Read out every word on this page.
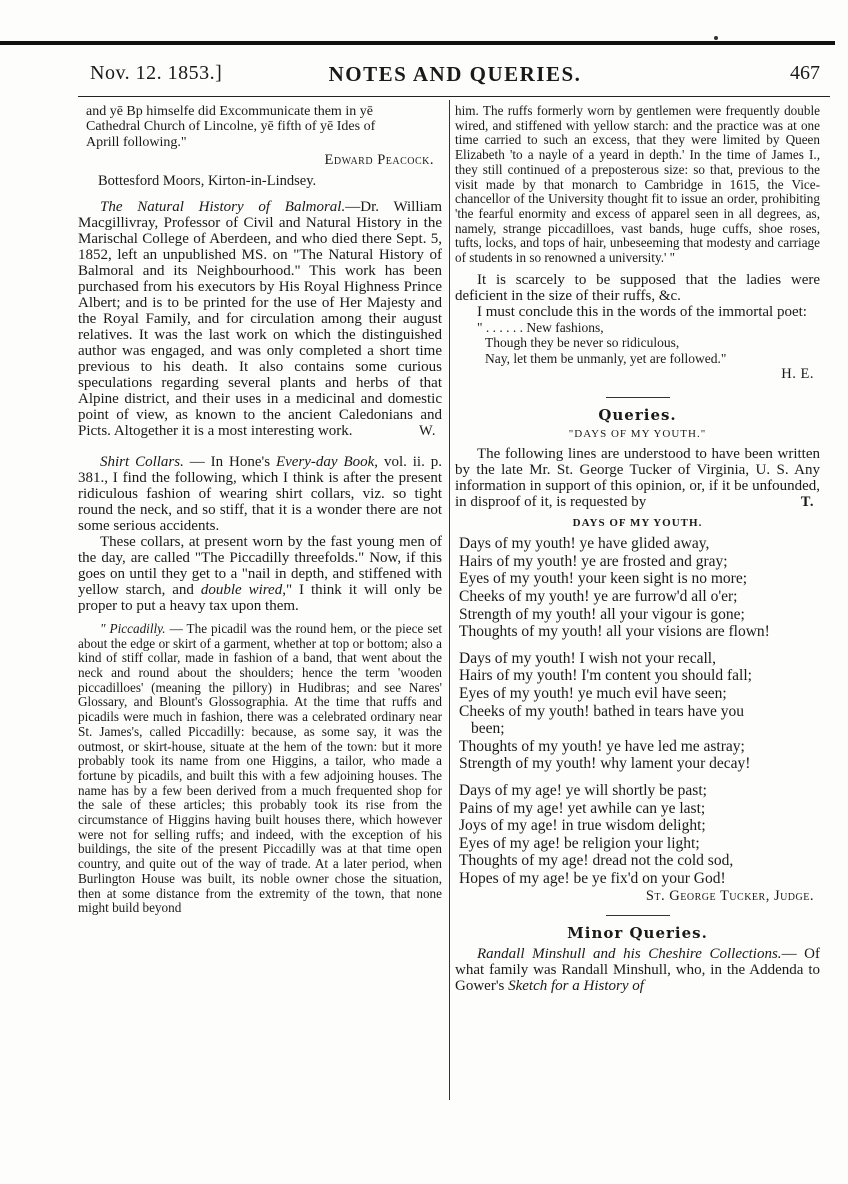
Nov. 12. 1853.]	NOTES AND QUERIES.	467

and yē Bp himselfe did Excommunicate them in yē

Cathedral Church of Lincolne, yē fifth of yē Ides of

Aprill following."

Edward Peacock.

Bottesford Moors, Kirton-in-Lindsey.

The Natural History of Balmoral.—Dr. William Macgillivray, Professor of Civil and Natural History in the Marischal College of Aberdeen, and who died there Sept. 5, 1852, left an unpublished MS. on "The Natural History of Balmoral and its Neighbourhood." This work has been purchased from his executors by His Royal Highness Prince Albert; and is to be printed for the use of Her Majesty and the Royal Family, and for circulation among their august relatives. It was the last work on which the distinguished author was engaged, and was only completed a short time previous to his death. It also contains some curious speculations regarding several plants and herbs of that Alpine district, and their uses in a medicinal and domestic point of view, as known to the ancient Caledonians and Picts. Altogether it is a most interesting work.	W.

Shirt Collars. — In Hone's Every-day Book, vol. ii. p. 381., I find the following, which I think is after the present ridiculous fashion of wearing shirt collars, viz. so tight round the neck, and so stiff, that it is a wonder there are not some serious accidents.

These collars, at present worn by the fast young men of the day, are called "The Piccadilly threefolds." Now, if this goes on until they get to a "nail in depth, and stiffened with yellow starch, and double wired," I think it will only be proper to put a heavy tax upon them.

" Piccadilly. — The picadil was the round hem, or the piece set about the edge or skirt of a garment, whether at top or bottom; also a kind of stiff collar, made in fashion of a band, that went about the neck and round about the shoulders; hence the term 'wooden piccadilloes' (meaning the pillory) in Hudibras; and see Nares' Glossary, and Blount's Glossographia. At the time that ruffs and picadils were much in fashion, there was a celebrated ordinary near St. James's, called Piccadilly: because, as some say, it was the outmost, or skirt-house, situate at the hem of the town: but it more probably took its name from one Higgins, a tailor, who made a fortune by picadils, and built this with a few adjoining houses. The name has by a few been derived from a much frequented shop for the sale of these articles; this probably took its rise from the circumstance of Higgins having built houses there, which however were not for selling ruffs; and indeed, with the exception of his buildings, the site of the present Piccadilly was at that time open country, and quite out of the way of trade. At a later period, when Burlington House was built, its noble owner chose the situation, then at some distance from the extremity of the town, that none might build beyond

him. The ruffs formerly worn by gentlemen were frequently double wired, and stiffened with yellow starch: and the practice was at one time carried to such an excess, that they were limited by Queen Elizabeth 'to a nayle of a yeard in depth.' In the time of James I., they still continued of a preposterous size: so that, previous to the visit made by that monarch to Cambridge in 1615, the Vice-chancellor of the University thought fit to issue an order, prohibiting 'the fearful enormity and excess of apparel seen in all degrees, as, namely, strange piccadilloes, vast bands, huge cuffs, shoe roses, tufts, locks, and tops of hair, unbeseeming that modesty and carriage of students in so renowned a university.' "

It is scarcely to be supposed that the ladies were deficient in the size of their ruffs, &c.

I must conclude this in the words of the immortal poet:

" . . . . . . New fashions,

Though they be never so ridiculous,

Nay, let them be unmanly, yet are followed."

H. E.

Queries.

"DAYS OF MY YOUTH."

The following lines are understood to have been written by the late Mr. St. George Tucker of Virginia, U. S. Any information in support of this opinion, or, if it be unfounded, in disproof of it, is requested by	T.

DAYS OF MY YOUTH.

Days of my youth! ye have glided away,

Hairs of my youth! ye are frosted and gray;

Eyes of my youth! your keen sight is no more;

Cheeks of my youth! ye are furrow'd all o'er;

Strength of my youth! all your vigour is gone;

Thoughts of my youth! all your visions are flown!

Days of my youth! I wish not your recall,

Hairs of my youth! I'm content you should fall;

Eyes of my youth! ye much evil have seen;

Cheeks of my youth! bathed in tears have you

been;

Thoughts of my youth! ye have led me astray;

Strength of my youth! why lament your decay!

Days of my age! ye will shortly be past;

Pains of my age! yet awhile can ye last;

Joys of my age! in true wisdom delight;

Eyes of my age! be religion your light;

Thoughts of my age! dread not the cold sod,

Hopes of my age! be ye fix'd on your God!

St. George Tucker, Judge.

Minor Queries.

Randall Minshull and his Cheshire Collections.— Of what family was Randall Minshull, who, in the Addenda to Gower's Sketch for a History of
